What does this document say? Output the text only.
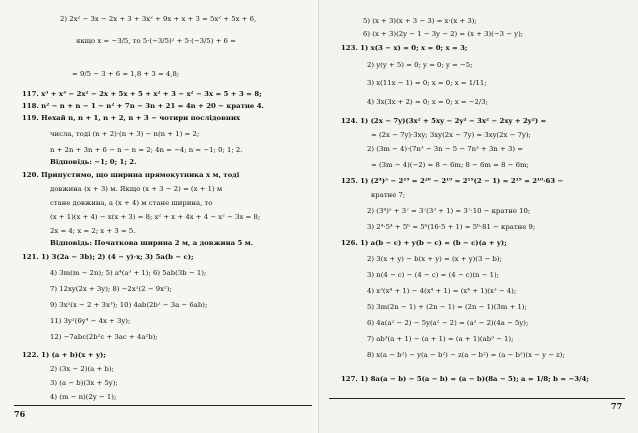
2) 2x² − 3x − 2x + 3 + 3x² + 9x + x + 3 = 5x² + 5x + 6,
якщо x = −3/5, то 5·(−3/5)² + 5·(−3/5) + 6 =
= 9/5 − 3 + 6 = 1,8 + 3 = 4,8;
117. x³ + x³ − 2x² − 2x + 5x + 5 + x² + 3 − x² − 3x = 5 + 3 = 8;
118. n² − n + n − 1 − n² + 7n − 3n + 21 = 4n + 20 − кратне 4.
119. Нехай n, n + 1, n + 2, n + 3 − чотири послідовних
числа, тоді (n + 2)·(n + 3) − n(n + 1) = 2;
n + 2n + 3n + 6 − n − n = 2; 4n = −4; n = −1; 0; 1; 2.
Відповідь: −1; 0; 1; 2.
120. Припустимо, що ширина прямокутника x м, тоді
довжина (x + 3) м. Якщо (x + 3 − 2) = (x + 1) м
стане довжина, а (x + 4) м стане ширина, то
(x + 1)(x + 4) − x(x + 3) = 8; x² + x + 4x + 4 − x² − 3x = 8;
2x = 4; x = 2; x + 3 = 5.
Відповідь: Початкова ширина 2 м, а довжина 5 м.
121. 1) 3(2a − 3b); 2) (4 − y)·x; 3) 5a(b − c);
4) 3m(m − 2n); 5) a⁴(a³ + 1); 6) 5ab(3b − 1);
7) 12xy(2x + 3y); 8) −2x²(2 − 9x²);
9) 3x²(x − 2 + 3x³); 10) 4ab(2b² − 3a − 6ab);
11) 3y²(6y⁴ − 4x + 3y);
12) −7abc(2b²c + 3ac + 4a²b);
122. 1) (a + b)(x + y);
2) (3x − 2)(a + b);
3) (a − b)(3x + 5y);
4) (m − n)(2y − 1);
76
5) (x + 3)(x + 3 − 3) = x·(x + 3);
6) (x + 3)(2y − 1 − 3y − 2) = (x + 3)(−3 − y);
123. 1) x(3 − x) = 0; x = 0; x = 3;
2) y(y + 5) = 0; y = 0; y = −5;
3) x(11x − 1) = 0; x = 0; x = 1/11;
4) 3x(3x + 2) = 0; x = 0; x = −2/3;
124. 1) (2x − 7y)(3x² + 5xy − 2y² − 3x² − 2xy + 2y²) =
= (2x − 7y)·3xy; 3xy(2x − 7y) = 3xy(2x − 7y);
2) (3m − 4)·(7n³ − 3n − 5 − 7n³ + 3n + 3) =
= (3m − 4)(−2) = 8 − 6m; 8 − 6m = 8 − 6m;
125. 1) (2⁴)⁵ − 2¹⁹ = 2²⁰ − 2¹⁹ = 2¹⁹(2 − 1) = 2¹⁹ = 2¹⁰·63 −
кратне 7;
2) (3⁴)⁵ + 3⁷ = 3⁷(3³ + 1) = 3⁷·10 − кратне 10;
3) 2⁴·5⁴ + 5⁶ = 5⁶(16·5 + 1) = 5⁶·81 − кратне 9;
126. 1) a(b − c) + y(b − c) = (b − c)(a + y);
2) 3(x + y) − b(x + y) = (x + y)(3 − b);
3) n(4 − c) − (4 − c) = (4 − c)(n − 1);
4) x³(x⁴ + 1) − 4(x⁴ + 1) = (x⁴ + 1)(x³ − 4);
5) 3m(2n − 1) + (2n − 1) = (2n − 1)(3m + 1);
6) 4a(a² − 2) − 5y(a² − 2) = (a² − 2)(4a − 5y);
7) ab³(a + 1) − (a + 1) = (a + 1)(ab³ − 1);
8) x(a − b²) − y(a − b²) − z(a − b²) = (a − b²)(x − y − z);
127. 1) 8a(a − b) − 5(a − b) = (a − b)(8a − 5); a = 1/8; b = −3/4;
77
